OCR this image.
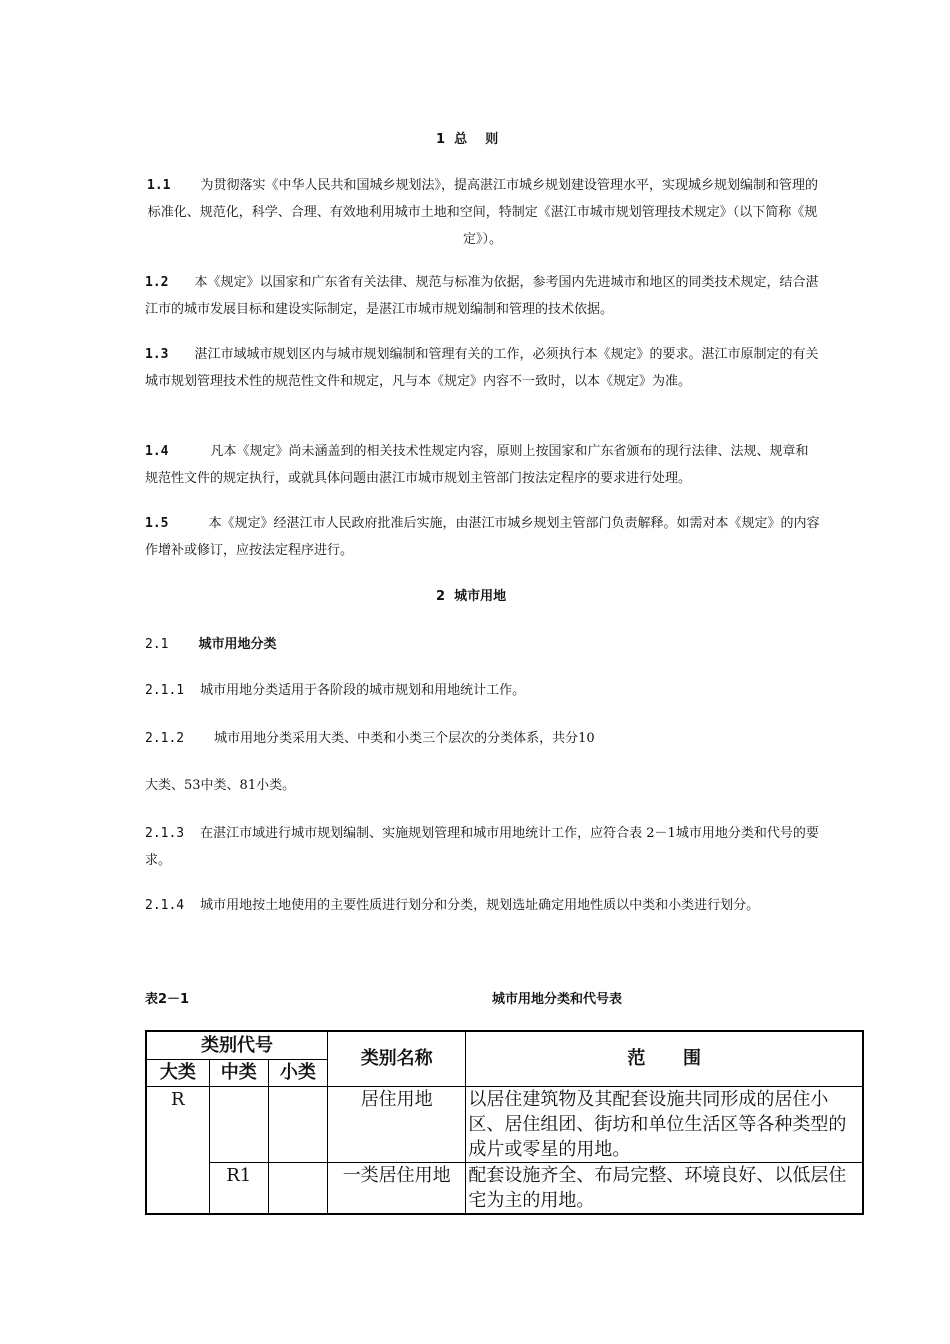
1  总    则
1.1 为贯彻落实《中华人民共和国城乡规划法》，提高湛江市城乡规划建设管理水平，实现城乡规划编制和管理的标准化、规范化，科学、合理、有效地利用城市土地和空间，特制定《湛江市城市规划管理技术规定》（以下简称《规定》）。
1.2 本《规定》以国家和广东省有关法律、规范与标准为依据，参考国内先进城市和地区的同类技术规定，结合湛江市的城市发展目标和建设实际制定，是湛江市城市规划编制和管理的技术依据。
1.3 湛江市域城市规划区内与城市规划编制和管理有关的工作，必须执行本《规定》的要求。湛江市原制定的有关城市规划管理技术性的规范性文件和规定，凡与本《规定》内容不一致时，以本《规定》为准。
1.4	凡本《规定》尚未涵盖到的相关技术性规定内容，原则上按国家和广东省颁布的现行法律、法规、规章和规范性文件的规定执行，或就具体问题由湛江市城市规划主管部门按法定程序的要求进行处理。
1.5	本《规定》经湛江市人民政府批准后实施，由湛江市城乡规划主管部门负责解释。如需对本《规定》的内容作增补或修订，应按法定程序进行。
2  城市用地
2.1 城市用地分类
2.1.1 城市用地分类适用于各阶段的城市规划和用地统计工作。
2.1.2 城市用地分类采用大类、中类和小类三个层次的分类体系，共分10
大类、53中类、81小类。
2.1.3 在湛江市域进行城市规划编制、实施规划管理和城市用地统计工作，应符合表 2－1城市用地分类和代号的要求。
2.1.4 城市用地按土地使用的主要性质进行划分和分类，规划选址确定用地性质以中类和小类进行划分。
表2－1	城市用地分类和代号表
类别代号			类别名称	范      围
大类	中类	小类		
R			居住用地	以居住建筑物及其配套设施共同形成的居住小区、居住组团、街坊和单位生活区等各种类型的成片或零星的用地。
	R1		一类居住用地	配套设施齐全、布局完整、环境良好、以低层住宅为主的用地。
